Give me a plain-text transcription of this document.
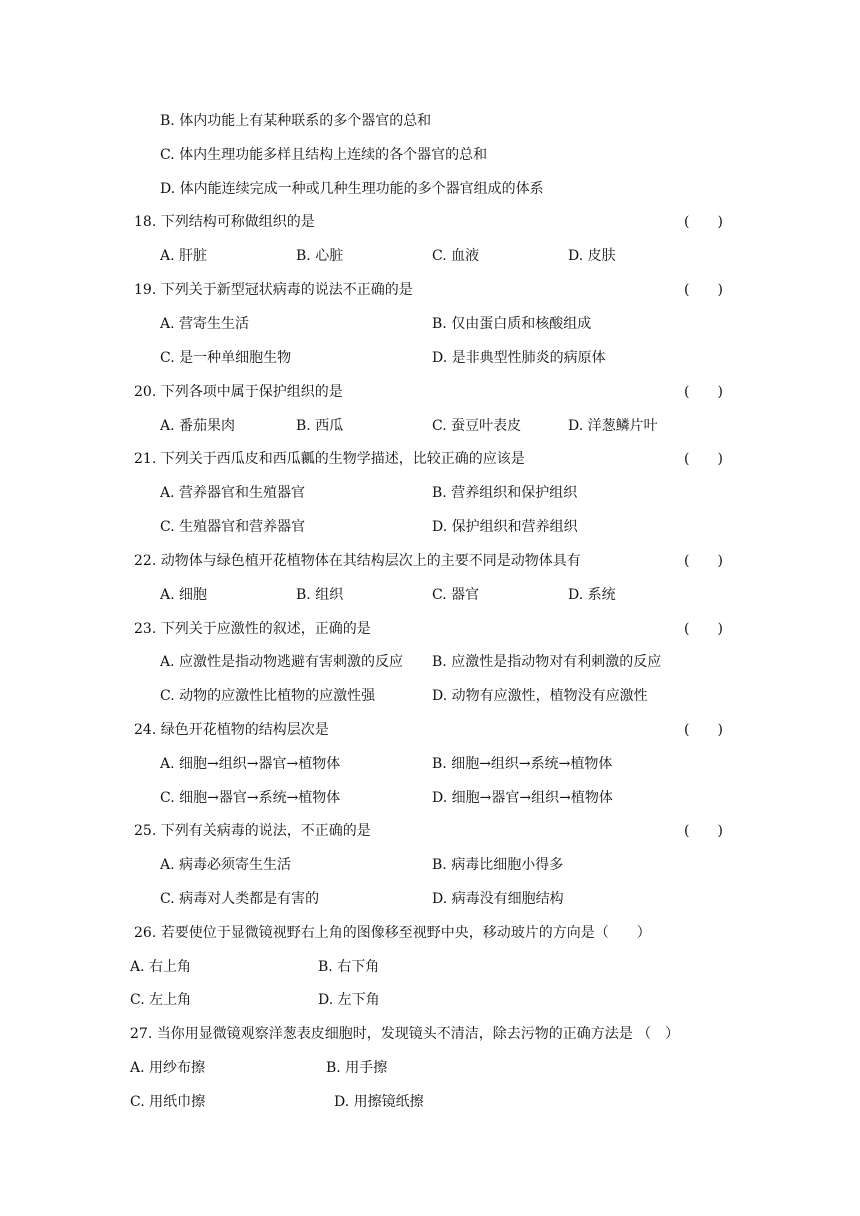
B. 体内功能上有某种联系的多个器官的总和
C. 体内生理功能多样且结构上连续的各个器官的总和
D. 体内能连续完成一种或几种生理功能的多个器官组成的体系
18. 下列结构可称做组织的是	(　　)
A. 肝脏	B. 心脏	C. 血液	D. 皮肤
19. 下列关于新型冠状病毒的说法不正确的是	(　　)
A. 营寄生生活	B. 仅由蛋白质和核酸组成
C. 是一种单细胞生物	D. 是非典型性肺炎的病原体
20. 下列各项中属于保护组织的是	(　　)
A. 番茄果肉	B. 西瓜	C. 蚕豆叶表皮	D. 洋葱鳞片叶
21. 下列关于西瓜皮和西瓜瓤的生物学描述，比较正确的应该是	(　　)
A. 营养器官和生殖器官	B. 营养组织和保护组织
C. 生殖器官和营养器官	D. 保护组织和营养组织
22. 动物体与绿色植开花植物体在其结构层次上的主要不同是动物体具有	(　　)
A. 细胞	B. 组织	C. 器官	D. 系统
23. 下列关于应激性的叙述，正确的是	(　　)
A. 应激性是指动物逃避有害刺激的反应 B. 应激性是指动物对有利刺激的反应
C. 动物的应激性比植物的应激性强	D. 动物有应激性，植物没有应激性
24. 绿色开花植物的结构层次是	(　　)
A. 细胞→组织→器官→植物体	B. 细胞→组织→系统→植物体
C. 细胞→器官→系统→植物体	D. 细胞→器官→组织→植物体
25. 下列有关病毒的说法，不正确的是	(　　)
A. 病毒必须寄生生活	B. 病毒比细胞小得多
C. 病毒对人类都是有害的	D. 病毒没有细胞结构
26. 若要使位于显微镜视野右上角的图像移至视野中央，移动玻片的方向是（　　）
A. 右上角	B. 右下角
C. 左上角	D. 左下角
27. 当你用显微镜观察洋葱表皮细胞时，发现镜头不清洁，除去污物的正确方法是 （　）
A. 用纱布擦	B. 用手擦
C. 用纸巾擦	D. 用擦镜纸擦
